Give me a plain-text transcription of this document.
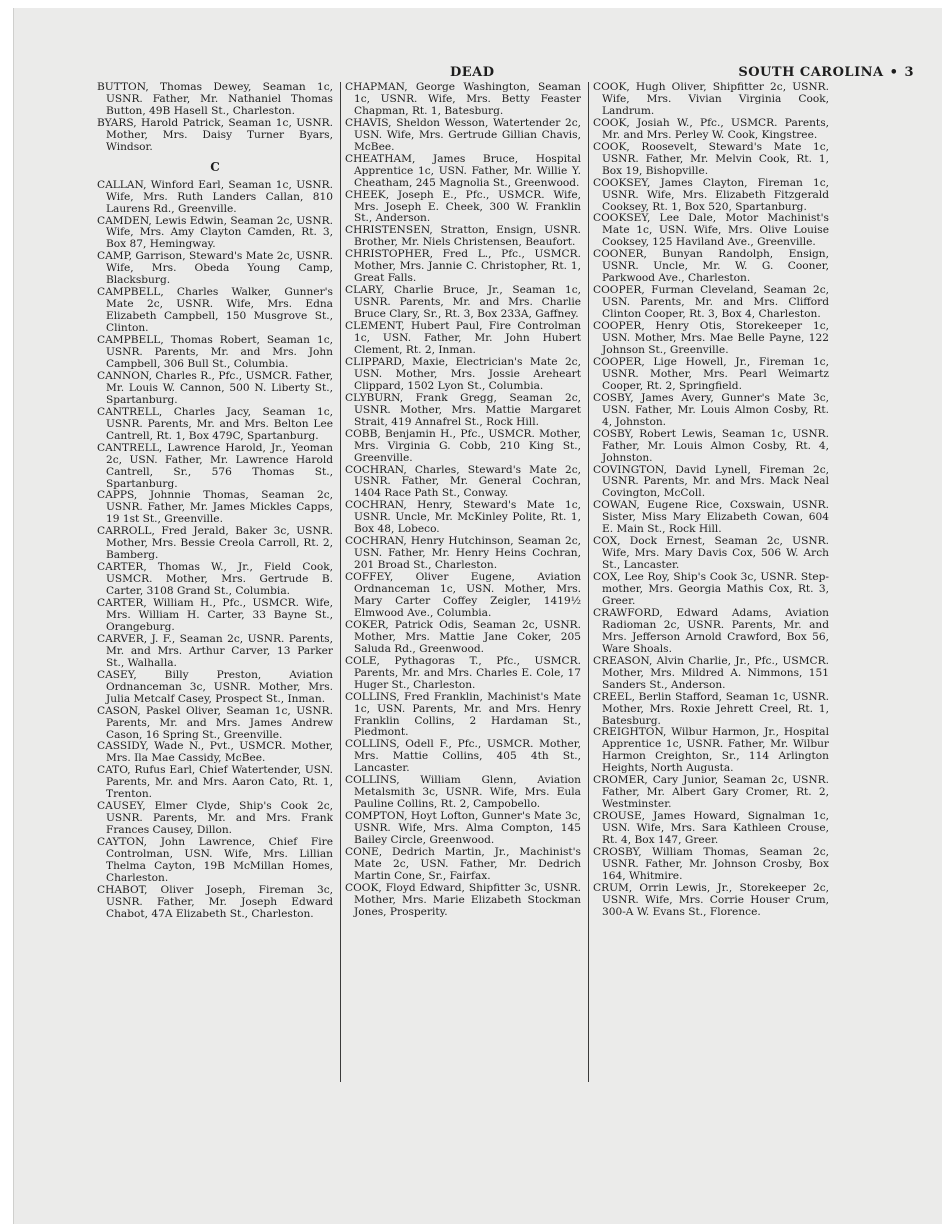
DEAD	SOUTH CAROLINA • 3

BUTTON, Thomas Dewey, Seaman 1c, USNR. Father, Mr. Nathaniel Thomas Button, 49B Hasell St., Charleston.

BYARS, Harold Patrick, Seaman 1c, USNR. Mother, Mrs. Daisy Turner Byars, Windsor.

C

CALLAN, Winford Earl, Seaman 1c, USNR. Wife, Mrs. Ruth Landers Callan, 810 Laurens Rd., Greenville.

CAMDEN, Lewis Edwin, Seaman 2c, USNR. Wife, Mrs. Amy Clayton Camden, Rt. 3, Box 87, Hemingway.

CAMP, Garrison, Steward's Mate 2c, USNR. Wife, Mrs. Obeda Young Camp, Blacksburg.

CAMPBELL, Charles Walker, Gunner's Mate 2c, USNR. Wife, Mrs. Edna Elizabeth Campbell, 150 Musgrove St., Clinton.

CAMPBELL, Thomas Robert, Seaman 1c, USNR. Parents, Mr. and Mrs. John Campbell, 306 Bull St., Columbia.

CANNON, Charles R., Pfc., USMCR. Father, Mr. Louis W. Cannon, 500 N. Liberty St., Spartanburg.

CANTRELL, Charles Jacy, Seaman 1c, USNR. Parents, Mr. and Mrs. Belton Lee Cantrell, Rt. 1, Box 479C, Spartanburg.

CANTRELL, Lawrence Harold, Jr., Yeoman 2c, USN. Father, Mr. Lawrence Harold Cantrell, Sr., 576 Thomas St., Spartanburg.

CAPPS, Johnnie Thomas, Seaman 2c, USNR. Father, Mr. James Mickles Capps, 19 1st St., Greenville.

CARROLL, Fred Jerald, Baker 3c, USNR. Mother, Mrs. Bessie Creola Carroll, Rt. 2, Bamberg.

CARTER, Thomas W., Jr., Field Cook, USMCR. Mother, Mrs. Gertrude B. Carter, 3108 Grand St., Columbia.

CARTER, William H., Pfc., USMCR. Wife, Mrs. William H. Carter, 33 Bayne St., Orangeburg.

CARVER, J. F., Seaman 2c, USNR. Parents, Mr. and Mrs. Arthur Carver, 13 Parker St., Walhalla.

CASEY, Billy Preston, Aviation Ordnanceman 3c, USNR. Mother, Mrs. Julia Metcalf Casey, Prospect St., Inman.

CASON, Paskel Oliver, Seaman 1c, USNR. Parents, Mr. and Mrs. James Andrew Cason, 16 Spring St., Greenville.

CASSIDY, Wade N., Pvt., USMCR. Mother, Mrs. Ila Mae Cassidy, McBee.

CATO, Rufus Earl, Chief Watertender, USN. Parents, Mr. and Mrs. Aaron Cato, Rt. 1, Trenton.

CAUSEY, Elmer Clyde, Ship's Cook 2c, USNR. Parents, Mr. and Mrs. Frank Frances Causey, Dillon.

CAYTON, John Lawrence, Chief Fire Controlman, USN. Wife, Mrs. Lillian Thelma Cayton, 19B McMillan Homes, Charleston.

CHABOT, Oliver Joseph, Fireman 3c, USNR. Father, Mr. Joseph Edward Chabot, 47A Elizabeth St., Charleston.

CHAPMAN, George Washington, Seaman 1c, USNR. Wife, Mrs. Betty Feaster Chapman, Rt. 1, Batesburg.

CHAVIS, Sheldon Wesson, Watertender 2c, USN. Wife, Mrs. Gertrude Gillian Chavis, McBee.

CHEATHAM, James Bruce, Hospital Apprentice 1c, USN. Father, Mr. Willie Y. Cheatham, 245 Magnolia St., Greenwood.

CHEEK, Joseph E., Pfc., USMCR. Wife, Mrs. Joseph E. Cheek, 300 W. Franklin St., Anderson.

CHRISTENSEN, Stratton, Ensign, USNR. Brother, Mr. Niels Christensen, Beaufort.

CHRISTOPHER, Fred L., Pfc., USMCR. Mother, Mrs. Jannie C. Christopher, Rt. 1, Great Falls.

CLARY, Charlie Bruce, Jr., Seaman 1c, USNR. Parents, Mr. and Mrs. Charlie Bruce Clary, Sr., Rt. 3, Box 233A, Gaffney.

CLEMENT, Hubert Paul, Fire Controlman 1c, USN. Father, Mr. John Hubert Clement, Rt. 2, Inman.

CLIPPARD, Maxie, Electrician's Mate 2c, USN. Mother, Mrs. Jossie Areheart Clippard, 1502 Lyon St., Columbia.

CLYBURN, Frank Gregg, Seaman 2c, USNR. Mother, Mrs. Mattie Margaret Strait, 419 Annafrel St., Rock Hill.

COBB, Benjamin H., Pfc., USMCR. Mother, Mrs. Virginia G. Cobb, 210 King St., Greenville.

COCHRAN, Charles, Steward's Mate 2c, USNR. Father, Mr. General Cochran, 1404 Race Path St., Conway.

COCHRAN, Henry, Steward's Mate 1c, USNR. Uncle, Mr. McKinley Polite, Rt. 1, Box 48, Lobeco.

COCHRAN, Henry Hutchinson, Seaman 2c, USN. Father, Mr. Henry Heins Cochran, 201 Broad St., Charleston.

COFFEY, Oliver Eugene, Aviation Ordnanceman 1c, USN. Mother, Mrs. Mary Carter Coffey Zeigler, 1419½ Elmwood Ave., Columbia.

COKER, Patrick Odis, Seaman 2c, USNR. Mother, Mrs. Mattie Jane Coker, 205 Saluda Rd., Greenwood.

COLE, Pythagoras T., Pfc., USMCR. Parents, Mr. and Mrs. Charles E. Cole, 17 Huger St., Charleston.

COLLINS, Fred Franklin, Machinist's Mate 1c, USN. Parents, Mr. and Mrs. Henry Franklin Collins, 2 Hardaman St., Piedmont.

COLLINS, Odell F., Pfc., USMCR. Mother, Mrs. Mattie Collins, 405 4th St., Lancaster.

COLLINS, William Glenn, Aviation Metalsmith 3c, USNR. Wife, Mrs. Eula Pauline Collins, Rt. 2, Campobello.

COMPTON, Hoyt Lofton, Gunner's Mate 3c, USNR. Wife, Mrs. Alma Compton, 145 Bailey Circle, Greenwood.

CONE, Dedrich Martin, Jr., Machinist's Mate 2c, USN. Father, Mr. Dedrich Martin Cone, Sr., Fairfax.

COOK, Floyd Edward, Shipfitter 3c, USNR. Mother, Mrs. Marie Elizabeth Stockman Jones, Prosperity.

COOK, Hugh Oliver, Shipfitter 2c, USNR. Wife, Mrs. Vivian Virginia Cook, Landrum.

COOK, Josiah W., Pfc., USMCR. Parents, Mr. and Mrs. Perley W. Cook, Kingstree.

COOK, Roosevelt, Steward's Mate 1c, USNR. Father, Mr. Melvin Cook, Rt. 1, Box 19, Bishopville.

COOKSEY, James Clayton, Fireman 1c, USNR. Wife, Mrs. Elizabeth Fitzgerald Cooksey, Rt. 1, Box 520, Spartanburg.

COOKSEY, Lee Dale, Motor Machinist's Mate 1c, USN. Wife, Mrs. Olive Louise Cooksey, 125 Haviland Ave., Greenville.

COONER, Bunyan Randolph, Ensign, USNR. Uncle, Mr. W. G. Cooner, Parkwood Ave., Charleston.

COOPER, Furman Cleveland, Seaman 2c, USN. Parents, Mr. and Mrs. Clifford Clinton Cooper, Rt. 3, Box 4, Charleston.

COOPER, Henry Otis, Storekeeper 1c, USN. Mother, Mrs. Mae Belle Payne, 122 Johnson St., Greenville.

COOPER, Lige Howell, Jr., Fireman 1c, USNR. Mother, Mrs. Pearl Weimartz Cooper, Rt. 2, Springfield.

COSBY, James Avery, Gunner's Mate 3c, USN. Father, Mr. Louis Almon Cosby, Rt. 4, Johnston.

COSBY, Robert Lewis, Seaman 1c, USNR. Father, Mr. Louis Almon Cosby, Rt. 4, Johnston.

COVINGTON, David Lynell, Fireman 2c, USNR. Parents, Mr. and Mrs. Mack Neal Covington, McColl.

COWAN, Eugene Rice, Coxswain, USNR. Sister, Miss Mary Elizabeth Cowan, 604 E. Main St., Rock Hill.

COX, Dock Ernest, Seaman 2c, USNR. Wife, Mrs. Mary Davis Cox, 506 W. Arch St., Lancaster.

COX, Lee Roy, Ship's Cook 3c, USNR. Step-mother, Mrs. Georgia Mathis Cox, Rt. 3, Greer.

CRAWFORD, Edward Adams, Aviation Radioman 2c, USNR. Parents, Mr. and Mrs. Jefferson Arnold Crawford, Box 56, Ware Shoals.

CREASON, Alvin Charlie, Jr., Pfc., USMCR. Mother, Mrs. Mildred A. Nimmons, 151 Sanders St., Anderson.

CREEL, Berlin Stafford, Seaman 1c, USNR. Mother, Mrs. Roxie Jehrett Creel, Rt. 1, Batesburg.

CREIGHTON, Wilbur Harmon, Jr., Hospital Apprentice 1c, USNR. Father, Mr. Wilbur Harmon Creighton, Sr., 114 Arlington Heights, North Augusta.

CROMER, Cary Junior, Seaman 2c, USNR. Father, Mr. Albert Gary Cromer, Rt. 2, Westminster.

CROUSE, James Howard, Signalman 1c, USN. Wife, Mrs. Sara Kathleen Crouse, Rt. 4, Box 147, Greer.

CROSBY, William Thomas, Seaman 2c, USNR. Father, Mr. Johnson Crosby, Box 164, Whitmire.

CRUM, Orrin Lewis, Jr., Storekeeper 2c, USNR. Wife, Mrs. Corrie Houser Crum, 300-A W. Evans St., Florence.
